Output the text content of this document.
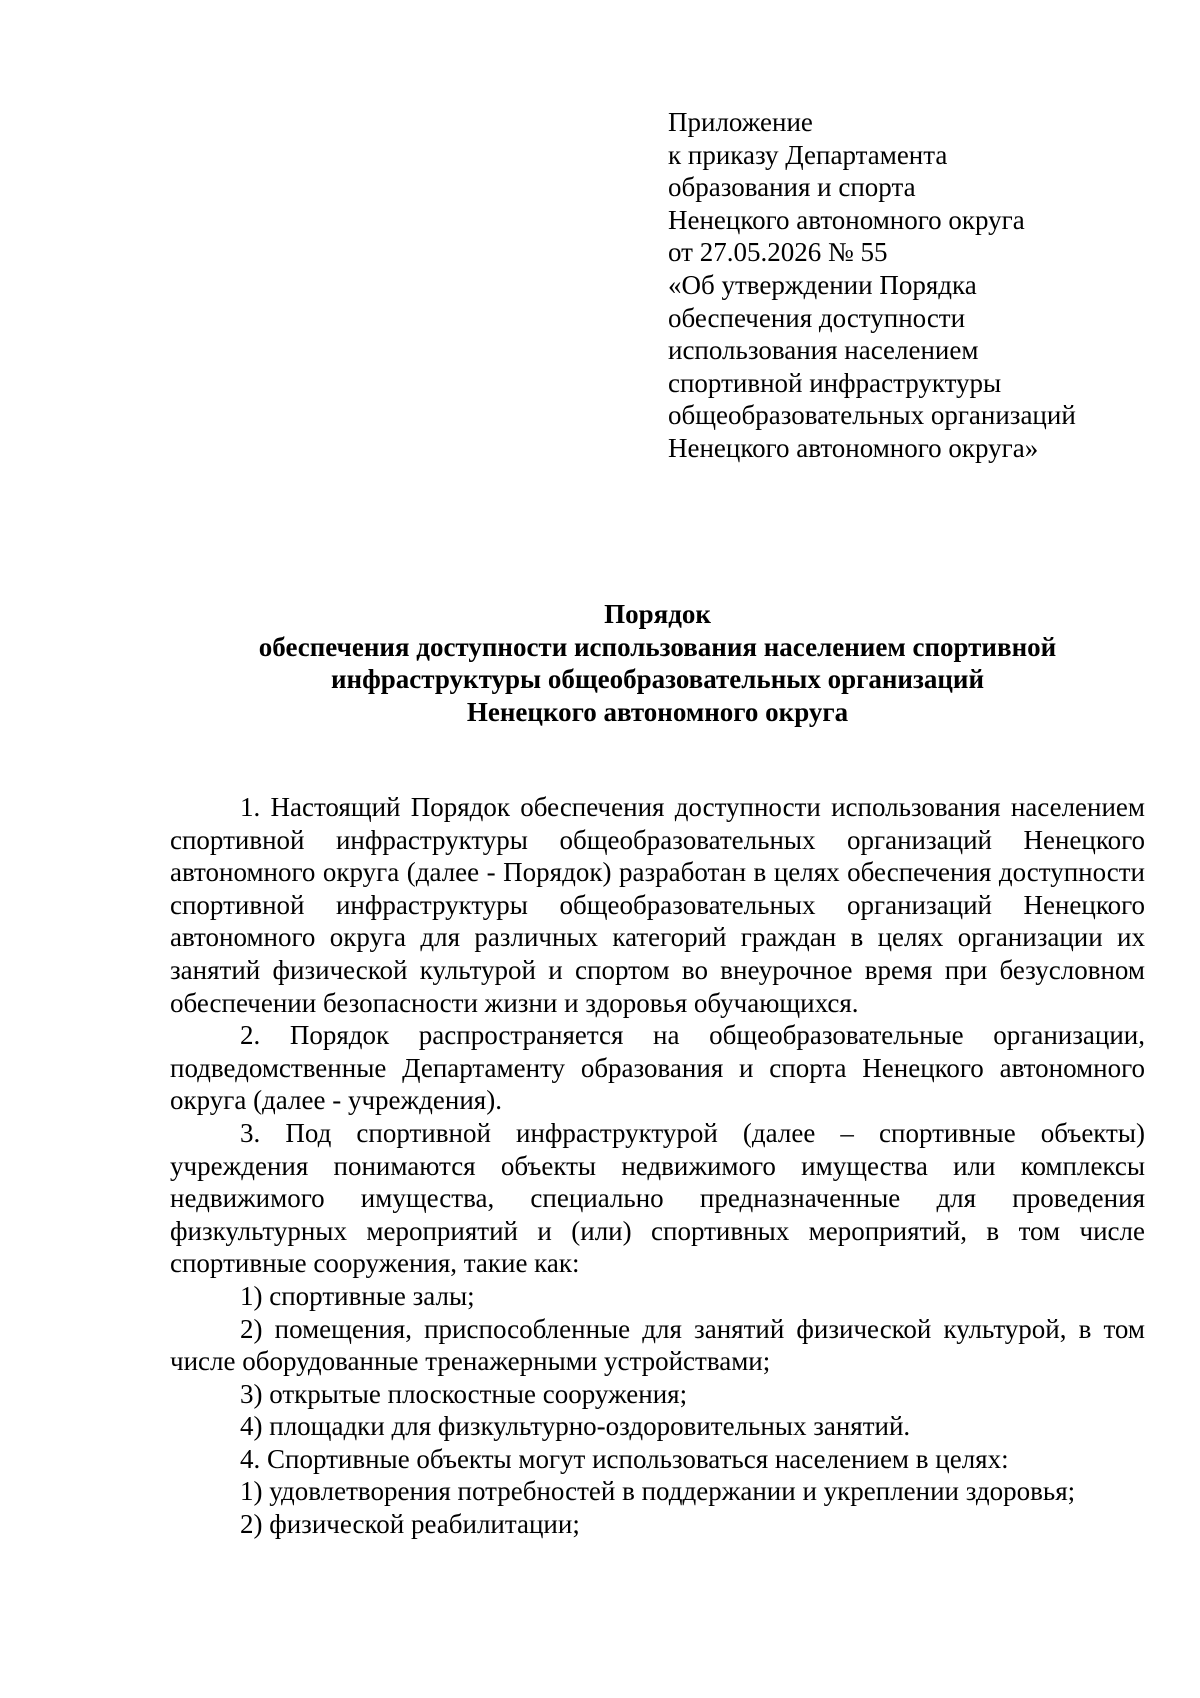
Приложение
к приказу Департамента
образования и спорта
Ненецкого автономного округа
от 27.05.2026 № 55
«Об утверждении Порядка
обеспечения доступности
использования населением
спортивной инфраструктуры
общеобразовательных организаций
Ненецкого автономного округа»
Порядок
обеспечения доступности использования населением спортивной
инфраструктуры общеобразовательных организаций
Ненецкого автономного округа

1. Настоящий Порядок обеспечения доступности использования населением спортивной инфраструктуры общеобразовательных организаций Ненецкого автономного округа (далее - Порядок) разработан в целях обеспечения доступности спортивной инфраструктуры общеобразовательных организаций Ненецкого автономного округа для различных категорий граждан в целях организации их занятий физической культурой и спортом во внеурочное время при безусловном обеспечении безопасности жизни и здоровья обучающихся.

2. Порядок распространяется на общеобразовательные организации, подведомственные Департаменту образования и спорта Ненецкого автономного округа (далее - учреждения).

3. Под спортивной инфраструктурой (далее – спортивные объекты) учреждения понимаются объекты недвижимого имущества или комплексы недвижимого имущества, специально предназначенные для проведения физкультурных мероприятий и (или) спортивных мероприятий, в том числе спортивные сооружения, такие как:

1) спортивные залы;

2) помещения, приспособленные для занятий физической культурой, в том числе оборудованные тренажерными устройствами;

3) открытые плоскостные сооружения;

4) площадки для физкультурно-оздоровительных занятий.

4. Спортивные объекты могут использоваться населением в целях:

1) удовлетворения потребностей в поддержании и укреплении здоровья;

2) физической реабилитации;
